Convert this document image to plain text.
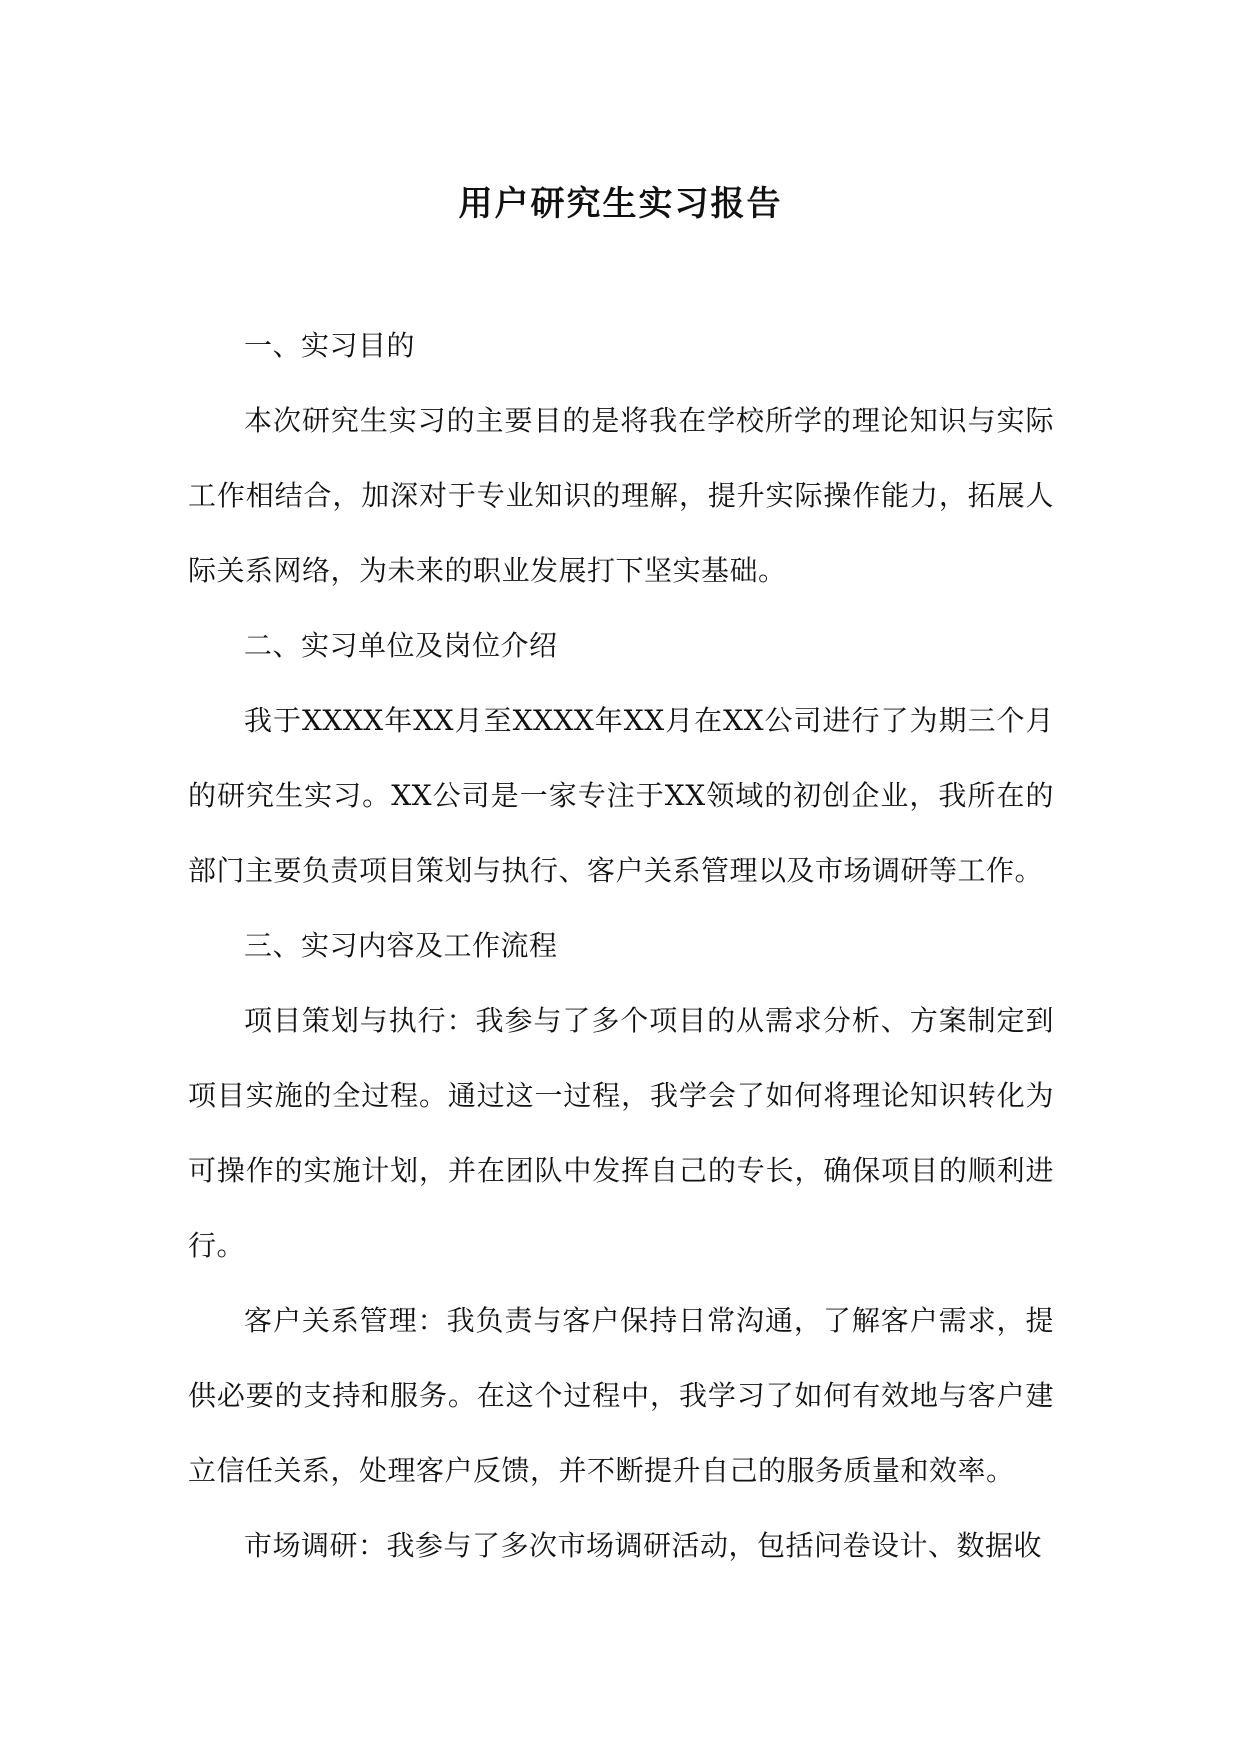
用户研究生实习报告

一、实习目的

本次研究生实习的主要目的是将我在学校所学的理论知识与实际工作相结合，加深对于专业知识的理解，提升实际操作能力，拓展人际关系网络，为未来的职业发展打下坚实基础。

二、实习单位及岗位介绍

我于XXXX年XX月至XXXX年XX月在XX公司进行了为期三个月的研究生实习。XX公司是一家专注于XX领域的初创企业，我所在的部门主要负责项目策划与执行、客户关系管理以及市场调研等工作。

三、实习内容及工作流程

项目策划与执行：我参与了多个项目的从需求分析、方案制定到项目实施的全过程。通过这一过程，我学会了如何将理论知识转化为可操作的实施计划，并在团队中发挥自己的专长，确保项目的顺利进行。

客户关系管理：我负责与客户保持日常沟通，了解客户需求，提供必要的支持和服务。在这个过程中，我学习了如何有效地与客户建立信任关系，处理客户反馈，并不断提升自己的服务质量和效率。

市场调研：我参与了多次市场调研活动，包括问卷设计、数据收
